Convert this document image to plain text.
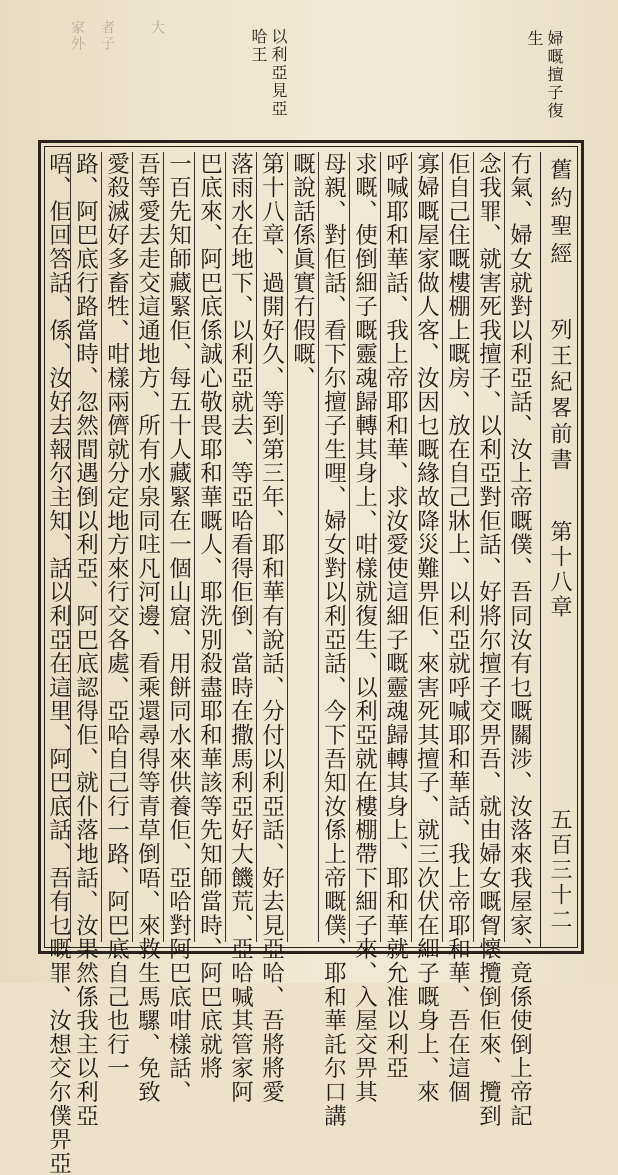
家外 者子 大
婦嘅擅子復
生
以利亞見亞
哈王
舊約聖經
列王紀畧前書
第十八章
五百三十二
冇氣、婦女就對以利亞話、汝上帝嘅僕、吾同汝有乜嘅關涉、汝落來我屋家、竟係使倒上帝記
念我罪、就害死我擅子、以利亞對佢話、好將尔擅子交畀吾、就由婦女嘅胷懷攬倒佢來、攬到
佢自己住嘅樓棚上嘅房、放在自己牀上、以利亞就呼喊耶和華話、我上帝耶和華、吾在這個
寡婦嘅屋家做人客、汝因乜嘅緣故降災難畀佢、來害死其擅子、就三次伏在細子嘅身上、來
呼喊耶和華話、我上帝耶和華、求汝愛使這細子嘅靈魂歸轉其身上、耶和華就允准以利亞
求嘅、使倒細子嘅靈魂歸轉其身上、咁樣就復生、以利亞就在樓棚帶下細子來、入屋交畀其
母親、對佢話、看下尔擅子生哩、婦女對以利亞話、今下吾知汝係上帝嘅僕、耶和華託尔口講
嘅說話係眞實冇假嘅、
第十八章、過開好久、等到第三年、耶和華有說話、分付以利亞話、好去見亞哈、吾將將愛
落雨水在地下、以利亞就去、等亞哈看得佢倒、當時在撒馬利亞好大饑荒、亞哈喊其管家阿
巴底來、阿巴底係誠心敬畏耶和華嘅人、耶洗別殺盡耶和華該等先知師當時、阿巴底就將
一百先知師藏緊佢、每五十人藏緊在一個山窟、用餅同水來供養佢、亞哈對阿巴底咁樣話、
吾等愛去走交這通地方、所有水泉同𠰍凡河邊、看乘還尋得等青草倒唔、來救生馬騾、免致
愛殺滅好多畜牲、咁樣兩儕就分定地方來行交各處、亞哈自己行一路、阿巴底自己也行一
路、阿巴底行路當時、忽然間遇倒以利亞、阿巴底認得佢、就仆落地話、汝果然係我主以利亞
唔、佢回答話、係、汝好去報尔主知、話以利亞在這里、阿巴底話、吾有乜嘅罪、汝想交尔僕畀亞
